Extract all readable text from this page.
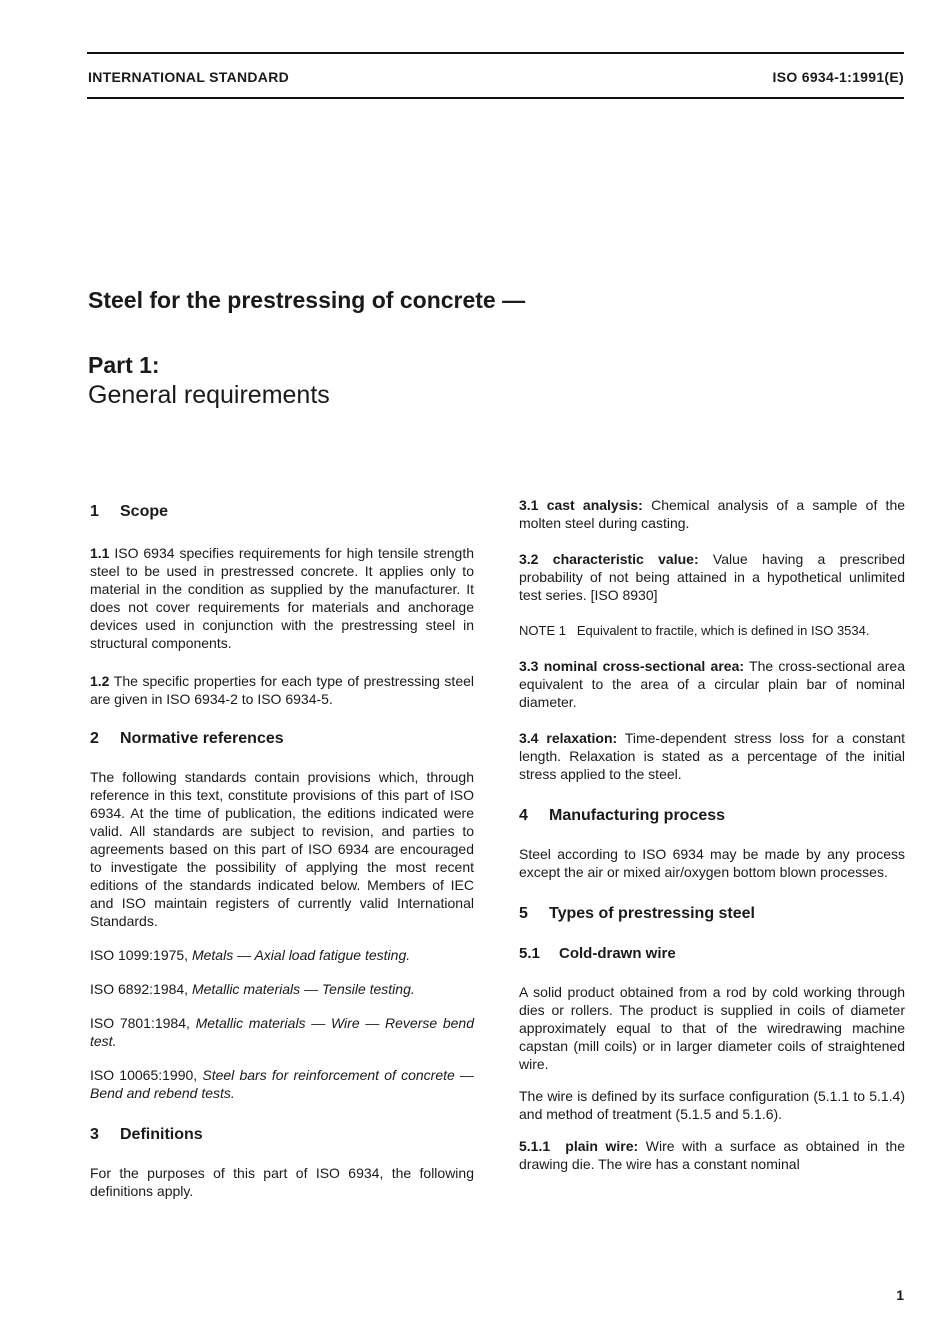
INTERNATIONAL STANDARD	ISO 6934-1:1991(E)
Steel for the prestressing of concrete —
Part 1:
General requirements
1 Scope

1.1 ISO 6934 specifies requirements for high tensile strength steel to be used in prestressed concrete. It applies only to material in the condition as supplied by the manufacturer. It does not cover requirements for materials and anchorage devices used in conjunction with the prestressing steel in structural components.

1.2 The specific properties for each type of prestressing steel are given in ISO 6934-2 to ISO 6934-5.

2 Normative references

The following standards contain provisions which, through reference in this text, constitute provisions of this part of ISO 6934. At the time of publication, the editions indicated were valid. All standards are subject to revision, and parties to agreements based on this part of ISO 6934 are encouraged to investigate the possibility of applying the most recent editions of the standards indicated below. Members of IEC and ISO maintain registers of currently valid International Standards.

ISO 1099:1975, Metals — Axial load fatigue testing.

ISO 6892:1984, Metallic materials — Tensile testing.

ISO 7801:1984, Metallic materials — Wire — Reverse bend test.

ISO 10065:1990, Steel bars for reinforcement of concrete — Bend and rebend tests.

3 Definitions

For the purposes of this part of ISO 6934, the following definitions apply.

3.1 cast analysis: Chemical analysis of a sample of the molten steel during casting.

3.2 characteristic value: Value having a prescribed probability of not being attained in a hypothetical unlimited test series. [ISO 8930]

NOTE 1 Equivalent to fractile, which is defined in ISO 3534.

3.3 nominal cross-sectional area: The cross-sectional area equivalent to the area of a circular plain bar of nominal diameter.

3.4 relaxation: Time-dependent stress loss for a constant length. Relaxation is stated as a percentage of the initial stress applied to the steel.

4 Manufacturing process

Steel according to ISO 6934 may be made by any process except the air or mixed air/oxygen bottom blown processes.

5 Types of prestressing steel
5.1 Cold-drawn wire

A solid product obtained from a rod by cold working through dies or rollers. The product is supplied in coils of diameter approximately equal to that of the wiredrawing machine capstan (mill coils) or in larger diameter coils of straightened wire.

The wire is defined by its surface configuration (5.1.1 to 5.1.4) and method of treatment (5.1.5 and 5.1.6).

5.1.1 plain wire: Wire with a surface as obtained in the drawing die. The wire has a constant nominal

1
